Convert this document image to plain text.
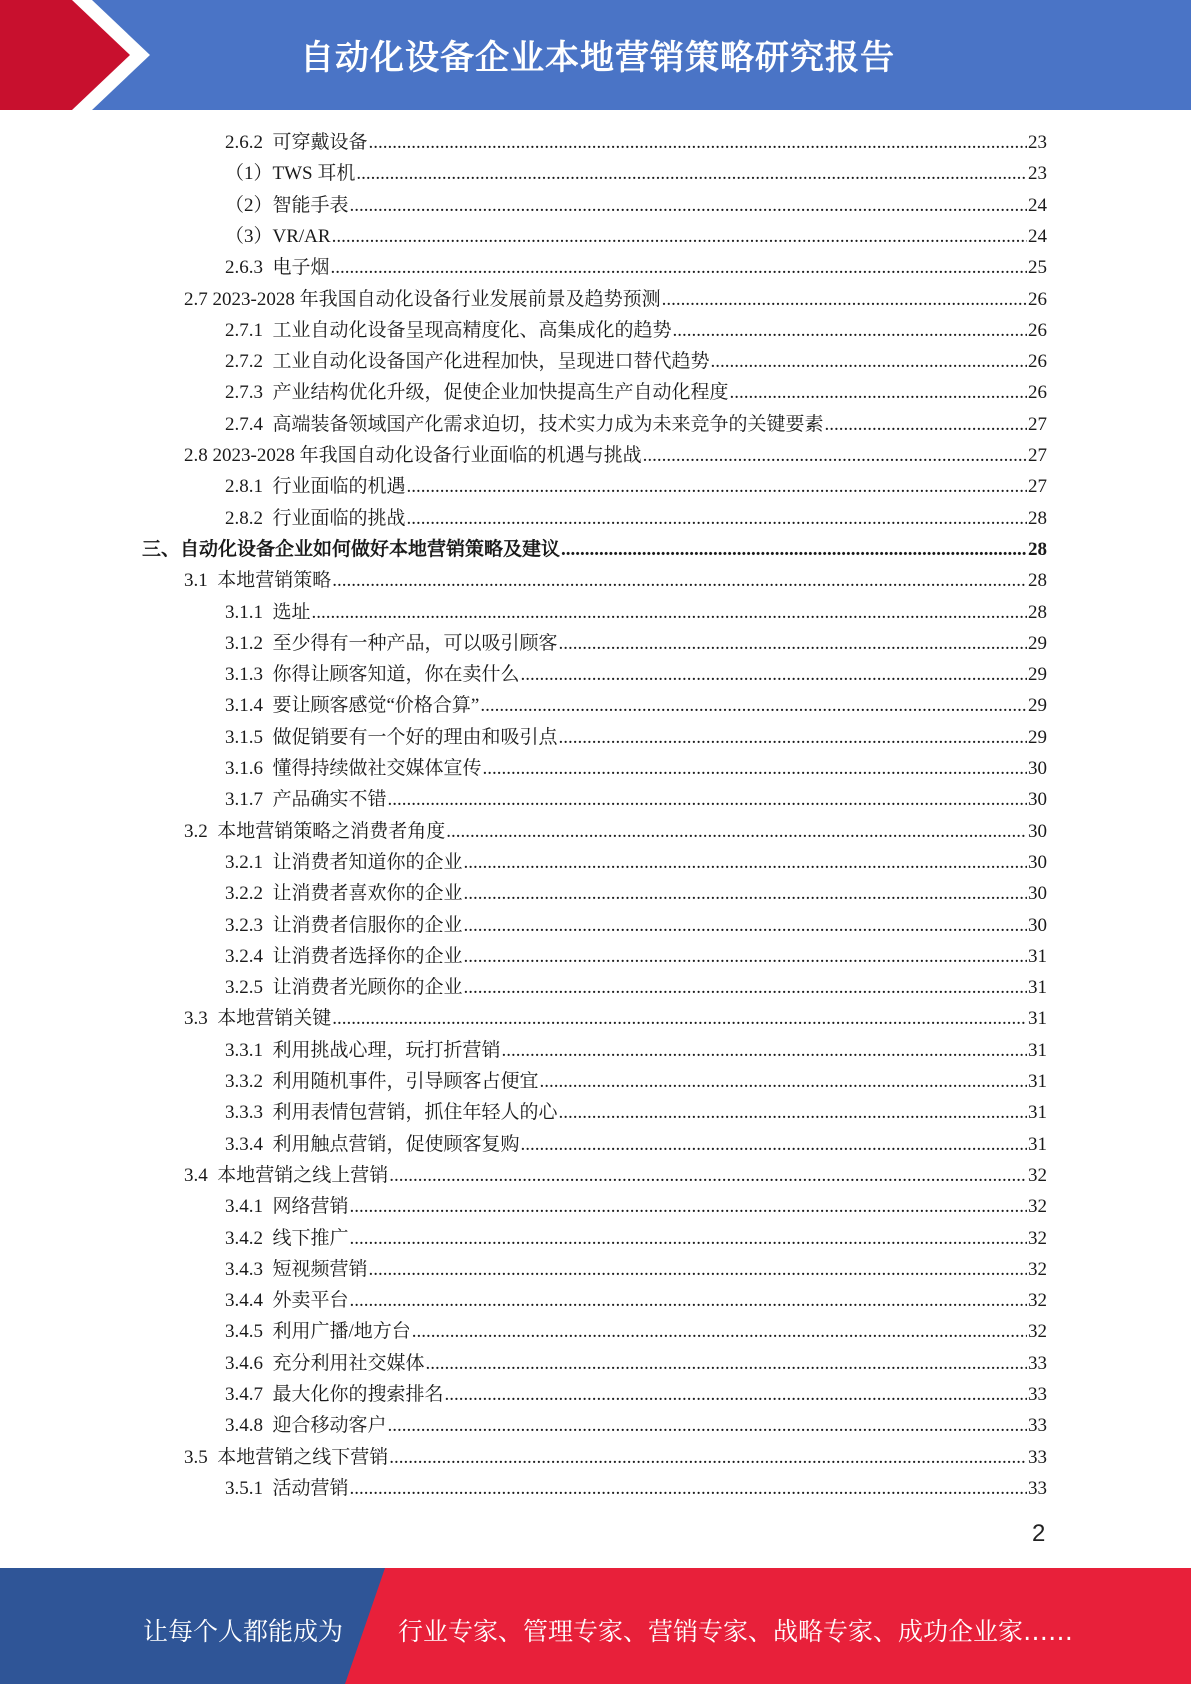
自动化设备企业本地营销策略研究报告
2.6.2  可穿戴设备 .....	23
（1）TWS 耳机 .....	23
（2）智能手表 .....	24
（3）VR/AR .....	24
2.6.3  电子烟 .....	25
2.7 2023-2028 年我国自动化设备行业发展前景及趋势预测 .....	26
2.7.1  工业自动化设备呈现高精度化、高集成化的趋势 .....	26
2.7.2  工业自动化设备国产化进程加快，呈现进口替代趋势 .....	26
2.7.3  产业结构优化升级，促使企业加快提高生产自动化程度 .....	26
2.7.4  高端装备领域国产化需求迫切，技术实力成为未来竞争的关键要素 .....	27
2.8 2023-2028 年我国自动化设备行业面临的机遇与挑战 .....	27
2.8.1  行业面临的机遇 .....	27
2.8.2  行业面临的挑战 .....	28
三、自动化设备企业如何做好本地营销策略及建议 .....	28
3.1  本地营销策略 .....	28
3.1.1  选址 .....	28
3.1.2  至少得有一种产品，可以吸引顾客 .....	29
3.1.3  你得让顾客知道，你在卖什么 .....	29
3.1.4  要让顾客感觉“价格合算” .....	29
3.1.5  做促销要有一个好的理由和吸引点 .....	29
3.1.6  懂得持续做社交媒体宣传 .....	30
3.1.7  产品确实不错 .....	30
3.2  本地营销策略之消费者角度 .....	30
3.2.1  让消费者知道你的企业 .....	30
3.2.2  让消费者喜欢你的企业 .....	30
3.2.3  让消费者信服你的企业 .....	30
3.2.4  让消费者选择你的企业 .....	31
3.2.5  让消费者光顾你的企业 .....	31
3.3  本地营销关键 .....	31
3.3.1  利用挑战心理，玩打折营销 .....	31
3.3.2  利用随机事件，引导顾客占便宜 .....	31
3.3.3  利用表情包营销，抓住年轻人的心 .....	31
3.3.4  利用触点营销，促使顾客复购 .....	31
3.4  本地营销之线上营销 .....	32
3.4.1  网络营销 .....	32
3.4.2  线下推广 .....	32
3.4.3  短视频营销 .....	32
3.4.4  外卖平台 .....	32
3.4.5  利用广播/地方台 .....	32
3.4.6  充分利用社交媒体 .....	33
3.4.7  最大化你的搜索排名 .....	33
3.4.8  迎合移动客户 .....	33
3.5  本地营销之线下营销 .....	33
3.5.1  活动营销 .....	33
2
让每个人都能成为 行业专家、管理专家、营销专家、战略专家、成功企业家……
